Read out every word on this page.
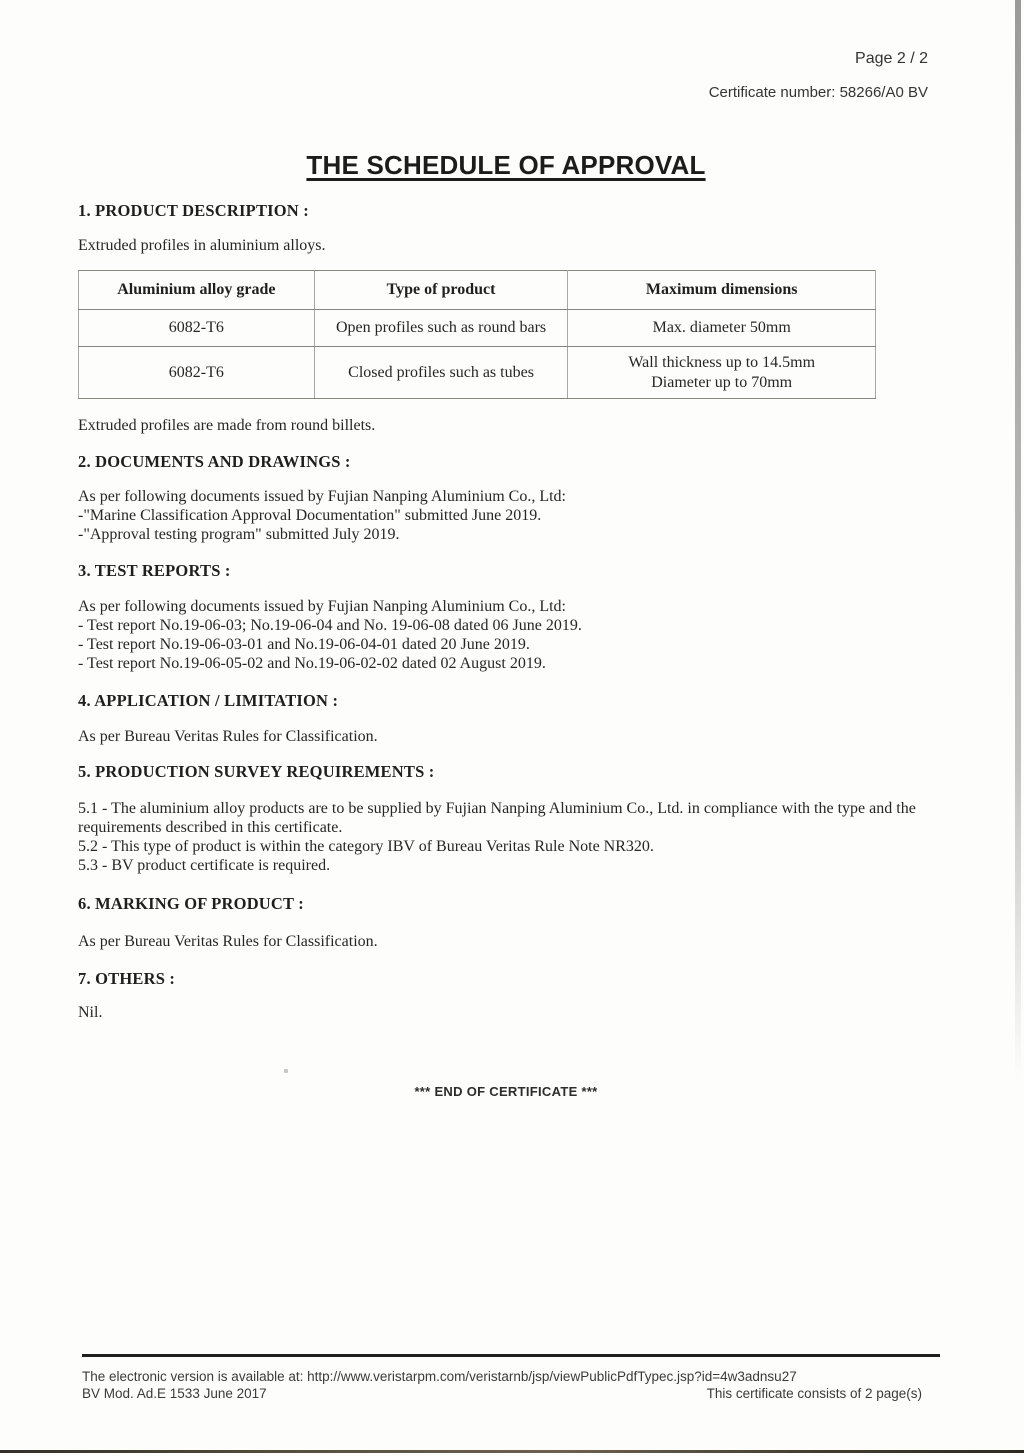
Page 2 / 2
Certificate number: 58266/A0 BV
THE SCHEDULE OF APPROVAL
1. PRODUCT DESCRIPTION :
Extruded profiles in aluminium alloys.
Aluminium alloy grade	Type of product	Maximum dimensions
6082-T6	Open profiles such as round bars	Max. diameter 50mm

6082-T6	Closed profiles such as tubes	Wall thickness up to 14.5mm
Diameter up to 70mm
Extruded profiles are made from round billets.
2. DOCUMENTS AND DRAWINGS :
As per following documents issued by Fujian Nanping Aluminium Co., Ltd:
-"Marine Classification Approval Documentation" submitted June 2019.
-"Approval testing program" submitted July 2019.
3. TEST REPORTS :
As per following documents issued by Fujian Nanping Aluminium Co., Ltd:
- Test report No.19-06-03; No.19-06-04 and No. 19-06-08 dated 06 June 2019.
- Test report No.19-06-03-01 and No.19-06-04-01 dated 20 June 2019.
- Test report No.19-06-05-02 and No.19-06-02-02 dated 02 August 2019.
4. APPLICATION / LIMITATION :
As per Bureau Veritas Rules for Classification.
5. PRODUCTION SURVEY REQUIREMENTS :
5.1 - The aluminium alloy products are to be supplied by Fujian Nanping Aluminium Co., Ltd. in compliance with the type and the requirements described in this certificate.
5.2 - This type of product is within the category IBV of Bureau Veritas Rule Note NR320.
5.3 - BV product certificate is required.
6. MARKING OF PRODUCT :
As per Bureau Veritas Rules for Classification.
7. OTHERS :
Nil.
*** END OF CERTIFICATE ***
The electronic version is available at: http://www.veristarpm.com/veristarnb/jsp/viewPublicPdfTypec.jsp?id=4w3adnsu27
BV Mod. Ad.E 1533 June 2017	This certificate consists of 2 page(s)
